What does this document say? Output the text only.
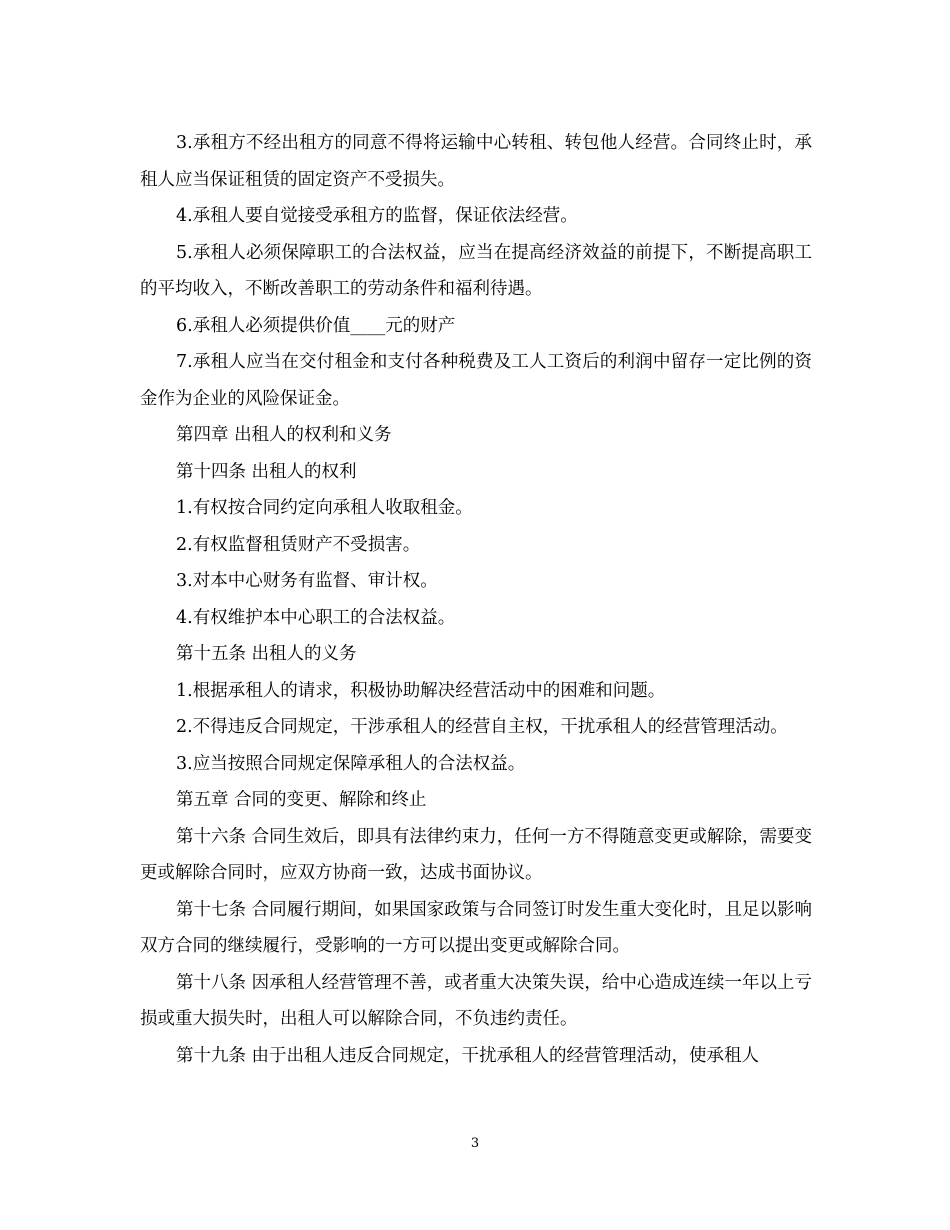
3.承租方不经出租方的同意不得将运输中心转租、转包他人经营。合同终止时，承租人应当保证租赁的固定资产不受损失。

4.承租人要自觉接受承租方的监督，保证依法经营。

5.承租人必须保障职工的合法权益，应当在提高经济效益的前提下，不断提高职工的平均收入，不断改善职工的劳动条件和福利待遇。

6.承租人必须提供价值____元的财产

7.承租人应当在交付租金和支付各种税费及工人工资后的利润中留存一定比例的资金作为企业的风险保证金。

第四章 出租人的权利和义务

第十四条 出租人的权利

1.有权按合同约定向承租人收取租金。

2.有权监督租赁财产不受损害。

3.对本中心财务有监督、审计权。

4.有权维护本中心职工的合法权益。

第十五条 出租人的义务

1.根据承租人的请求，积极协助解决经营活动中的困难和问题。

2.不得违反合同规定，干涉承租人的经营自主权，干扰承租人的经营管理活动。

3.应当按照合同规定保障承租人的合法权益。

第五章 合同的变更、解除和终止

第十六条 合同生效后，即具有法律约束力，任何一方不得随意变更或解除，需要变更或解除合同时，应双方协商一致，达成书面协议。

第十七条 合同履行期间，如果国家政策与合同签订时发生重大变化时，且足以影响双方合同的继续履行，受影响的一方可以提出变更或解除合同。

第十八条 因承租人经营管理不善，或者重大决策失误，给中心造成连续一年以上亏损或重大损失时，出租人可以解除合同，不负违约责任。

第十九条 由于出租人违反合同规定，干扰承租人的经营管理活动，使承租人

3
